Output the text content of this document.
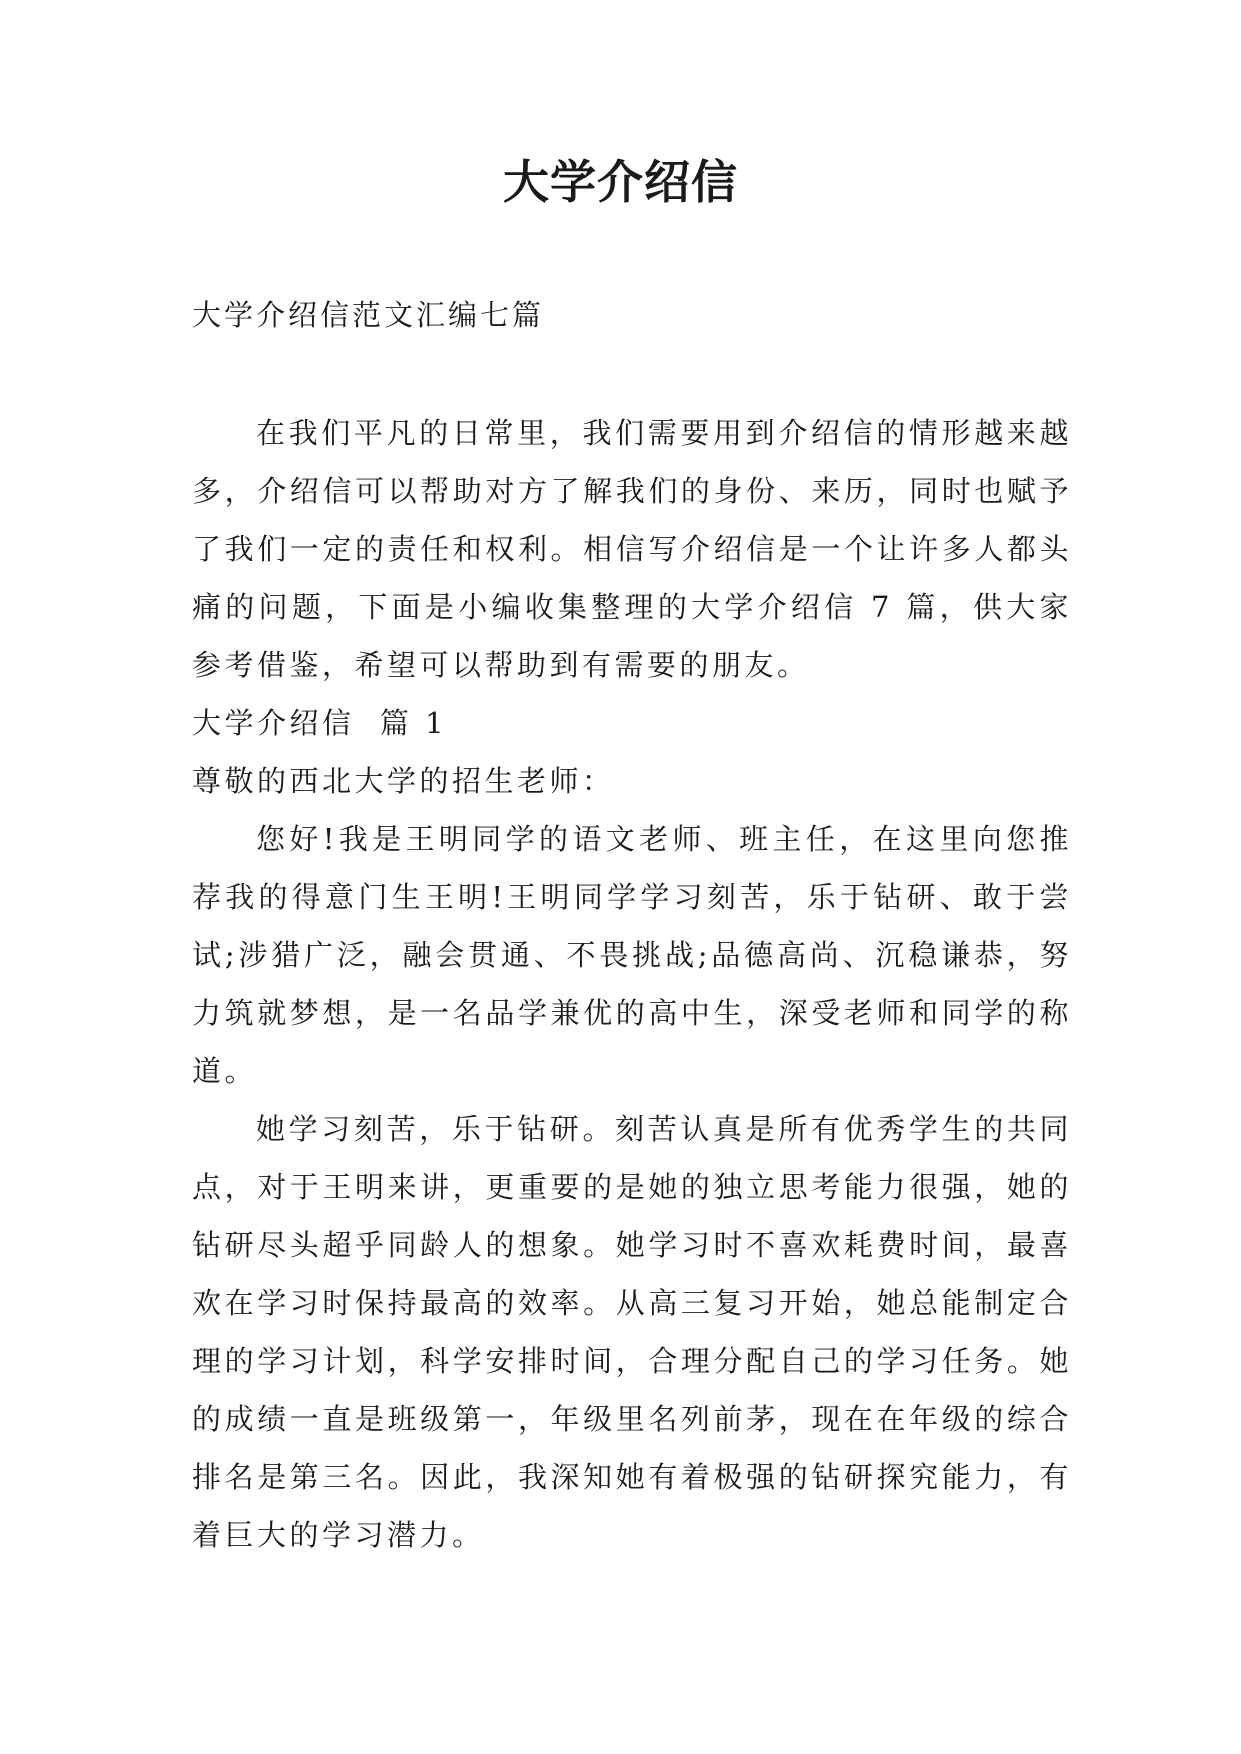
大学介绍信

大学介绍信范文汇编七篇

在我们平凡的日常里，我们需要用到介绍信的情形越来越多，介绍信可以帮助对方了解我们的身份、来历，同时也赋予了我们一定的责任和权利。相信写介绍信是一个让许多人都头痛的问题，下面是小编收集整理的大学介绍信 7 篇，供大家参考借鉴，希望可以帮助到有需要的朋友。

大学介绍信  篇 1

尊敬的西北大学的招生老师：

您好!我是王明同学的语文老师、班主任，在这里向您推荐我的得意门生王明!王明同学学习刻苦，乐于钻研、敢于尝试;涉猎广泛，融会贯通、不畏挑战;品德高尚、沉稳谦恭，努力筑就梦想，是一名品学兼优的高中生，深受老师和同学的称道。

她学习刻苦，乐于钻研。刻苦认真是所有优秀学生的共同点，对于王明来讲，更重要的是她的独立思考能力很强，她的钻研尽头超乎同龄人的想象。她学习时不喜欢耗费时间，最喜欢在学习时保持最高的效率。从高三复习开始，她总能制定合理的学习计划，科学安排时间，合理分配自己的学习任务。她的成绩一直是班级第一，年级里名列前茅，现在在年级的综合排名是第三名。因此，我深知她有着极强的钻研探究能力，有着巨大的学习潜力。
